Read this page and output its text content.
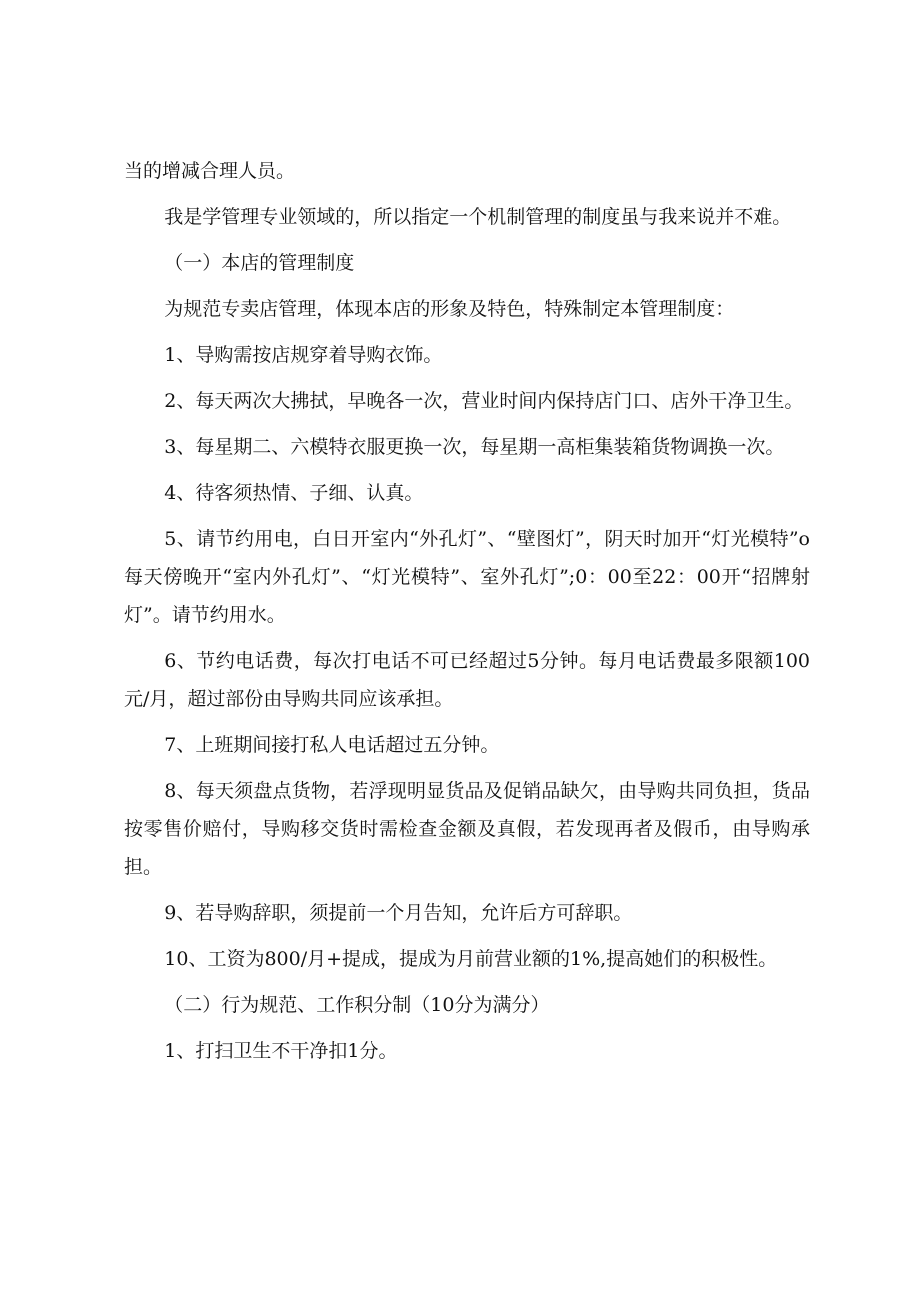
当的增减合理人员。

我是学管理专业领域的，所以指定一个机制管理的制度虽与我来说并不难。

（一）本店的管理制度

为规范专卖店管理，体现本店的形象及特色，特殊制定本管理制度：

1、导购需按店规穿着导购衣饰。

2、每天两次大拂拭，早晚各一次，营业时间内保持店门口、店外干净卫生。

3、每星期二、六模特衣服更换一次，每星期一高柜集装箱货物调换一次。

4、待客须热情、子细、认真。

5、请节约用电，白日开室内“外孔灯”、“壁图灯”，阴天时加开“灯光模特”o每天傍晚开“室内外孔灯”、“灯光模特”、室外孔灯”;0：00至22：00开“招牌射灯”。请节约用水。

6、节约电话费，每次打电话不可已经超过5分钟。每月电话费最多限额100元/月，超过部份由导购共同应该承担。

7、上班期间接打私人电话超过五分钟。

8、每天须盘点货物，若浮现明显货品及促销品缺欠，由导购共同负担，货品按零售价赔付，导购移交货时需检查金额及真假，若发现再者及假币，由导购承担。

9、若导购辞职，须提前一个月告知，允许后方可辞职。

10、工资为800/月+提成，提成为月前营业额的1%,提高她们的积极性。

（二）行为规范、工作积分制（10分为满分）

1、打扫卫生不干净扣1分。
